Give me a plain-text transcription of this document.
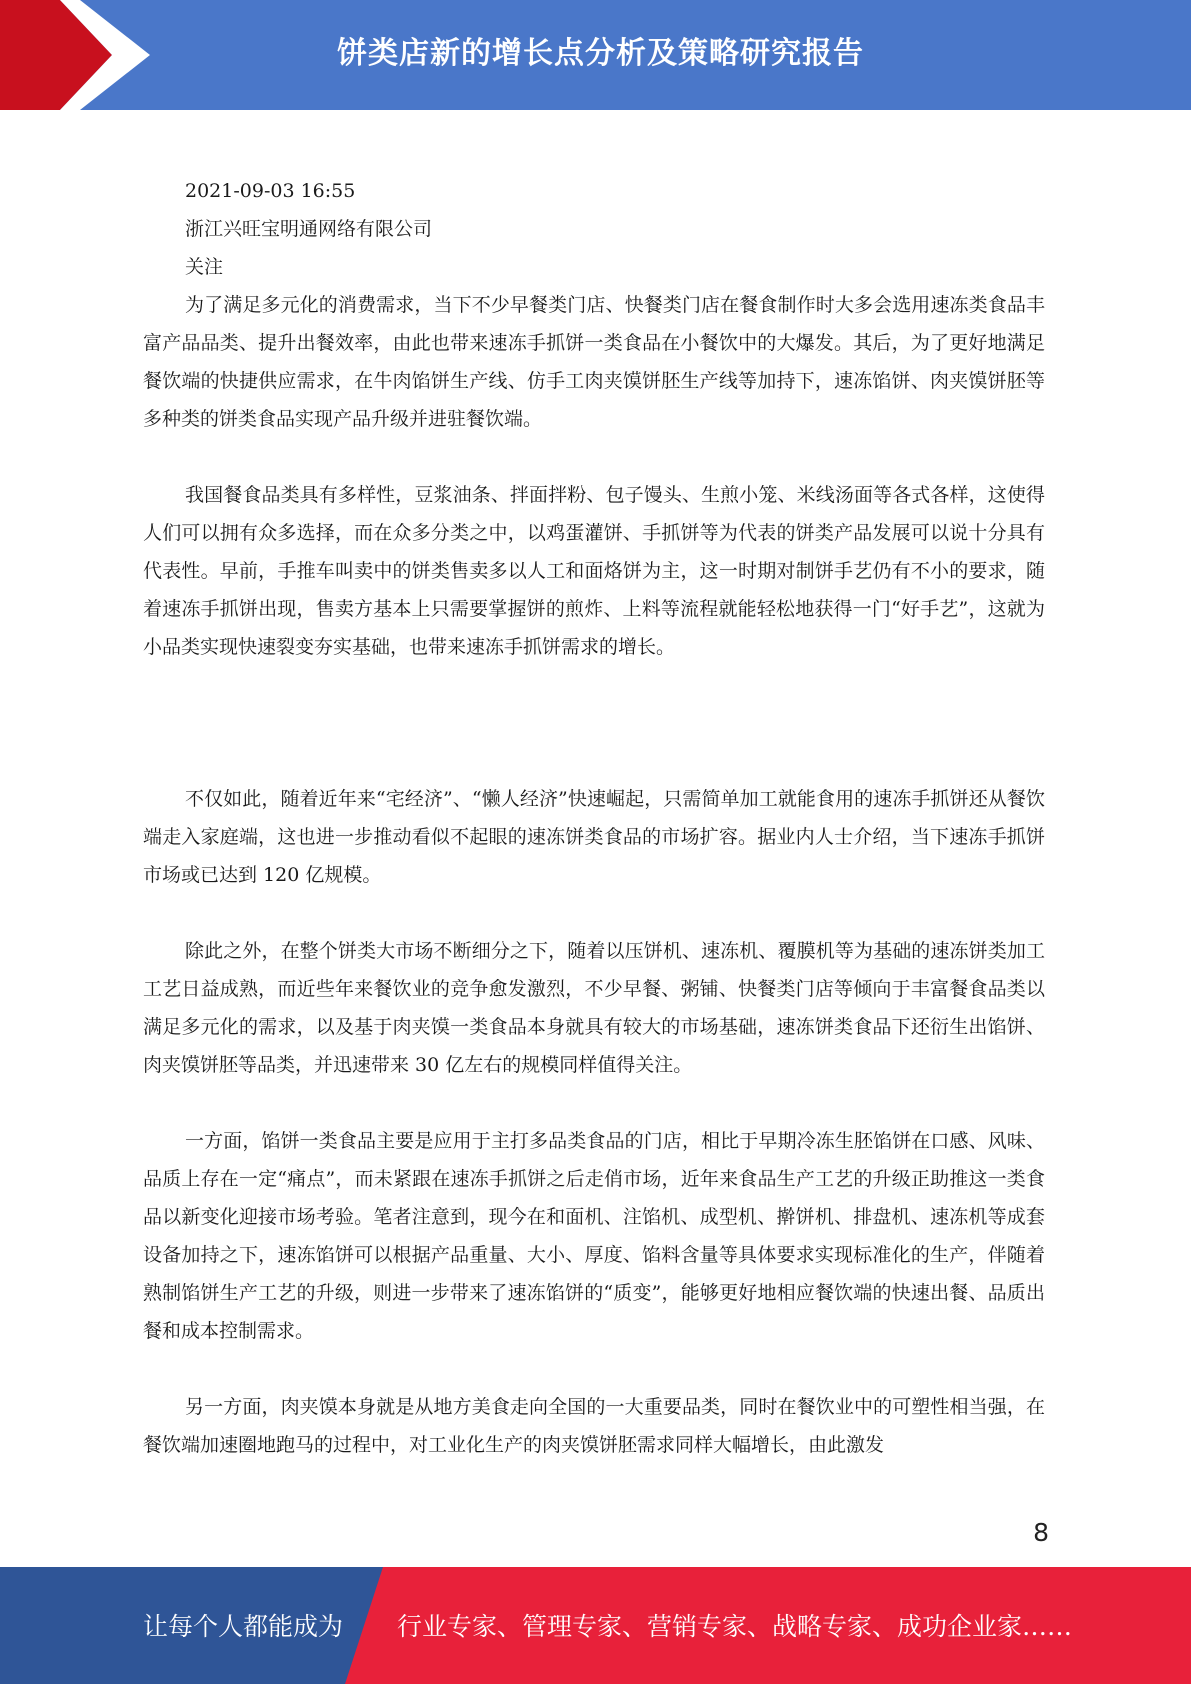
饼类店新的增长点分析及策略研究报告
2021-09-03 16:55
浙江兴旺宝明通网络有限公司
关注

为了满足多元化的消费需求，当下不少早餐类门店、快餐类门店在餐食制作时大多会选用速冻类食品丰富产品品类、提升出餐效率，由此也带来速冻手抓饼一类食品在小餐饮中的大爆发。其后，为了更好地满足餐饮端的快捷供应需求，在牛肉馅饼生产线、仿手工肉夹馍饼胚生产线等加持下，速冻馅饼、肉夹馍饼胚等多种类的饼类食品实现产品升级并进驻餐饮端。

我国餐食品类具有多样性，豆浆油条、拌面拌粉、包子馒头、生煎小笼、米线汤面等各式各样，这使得人们可以拥有众多选择，而在众多分类之中，以鸡蛋灌饼、手抓饼等为代表的饼类产品发展可以说十分具有代表性。早前，手推车叫卖中的饼类售卖多以人工和面烙饼为主，这一时期对制饼手艺仍有不小的要求，随着速冻手抓饼出现，售卖方基本上只需要掌握饼的煎炸、上料等流程就能轻松地获得一门“好手艺”，这就为小品类实现快速裂变夯实基础，也带来速冻手抓饼需求的增长。

不仅如此，随着近年来“宅经济”、“懒人经济”快速崛起，只需简单加工就能食用的速冻手抓饼还从餐饮端走入家庭端，这也进一步推动看似不起眼的速冻饼类食品的市场扩容。据业内人士介绍，当下速冻手抓饼市场或已达到 120 亿规模。

除此之外，在整个饼类大市场不断细分之下，随着以压饼机、速冻机、覆膜机等为基础的速冻饼类加工工艺日益成熟，而近些年来餐饮业的竞争愈发激烈，不少早餐、粥铺、快餐类门店等倾向于丰富餐食品类以满足多元化的需求，以及基于肉夹馍一类食品本身就具有较大的市场基础，速冻饼类食品下还衍生出馅饼、肉夹馍饼胚等品类，并迅速带来 30 亿左右的规模同样值得关注。

一方面，馅饼一类食品主要是应用于主打多品类食品的门店，相比于早期冷冻生胚馅饼在口感、风味、品质上存在一定“痛点”，而未紧跟在速冻手抓饼之后走俏市场，近年来食品生产工艺的升级正助推这一类食品以新变化迎接市场考验。笔者注意到，现今在和面机、注馅机、成型机、擀饼机、排盘机、速冻机等成套设备加持之下，速冻馅饼可以根据产品重量、大小、厚度、馅料含量等具体要求实现标准化的生产，伴随着熟制馅饼生产工艺的升级，则进一步带来了速冻馅饼的“质变”，能够更好地相应餐饮端的快速出餐、品质出餐和成本控制需求。

另一方面，肉夹馍本身就是从地方美食走向全国的一大重要品类，同时在餐饮业中的可塑性相当强，在餐饮端加速圈地跑马的过程中，对工业化生产的肉夹馍饼胚需求同样大幅增长，由此激发

8
让每个人都能成为 行业专家、管理专家、营销专家、战略专家、成功企业家……
